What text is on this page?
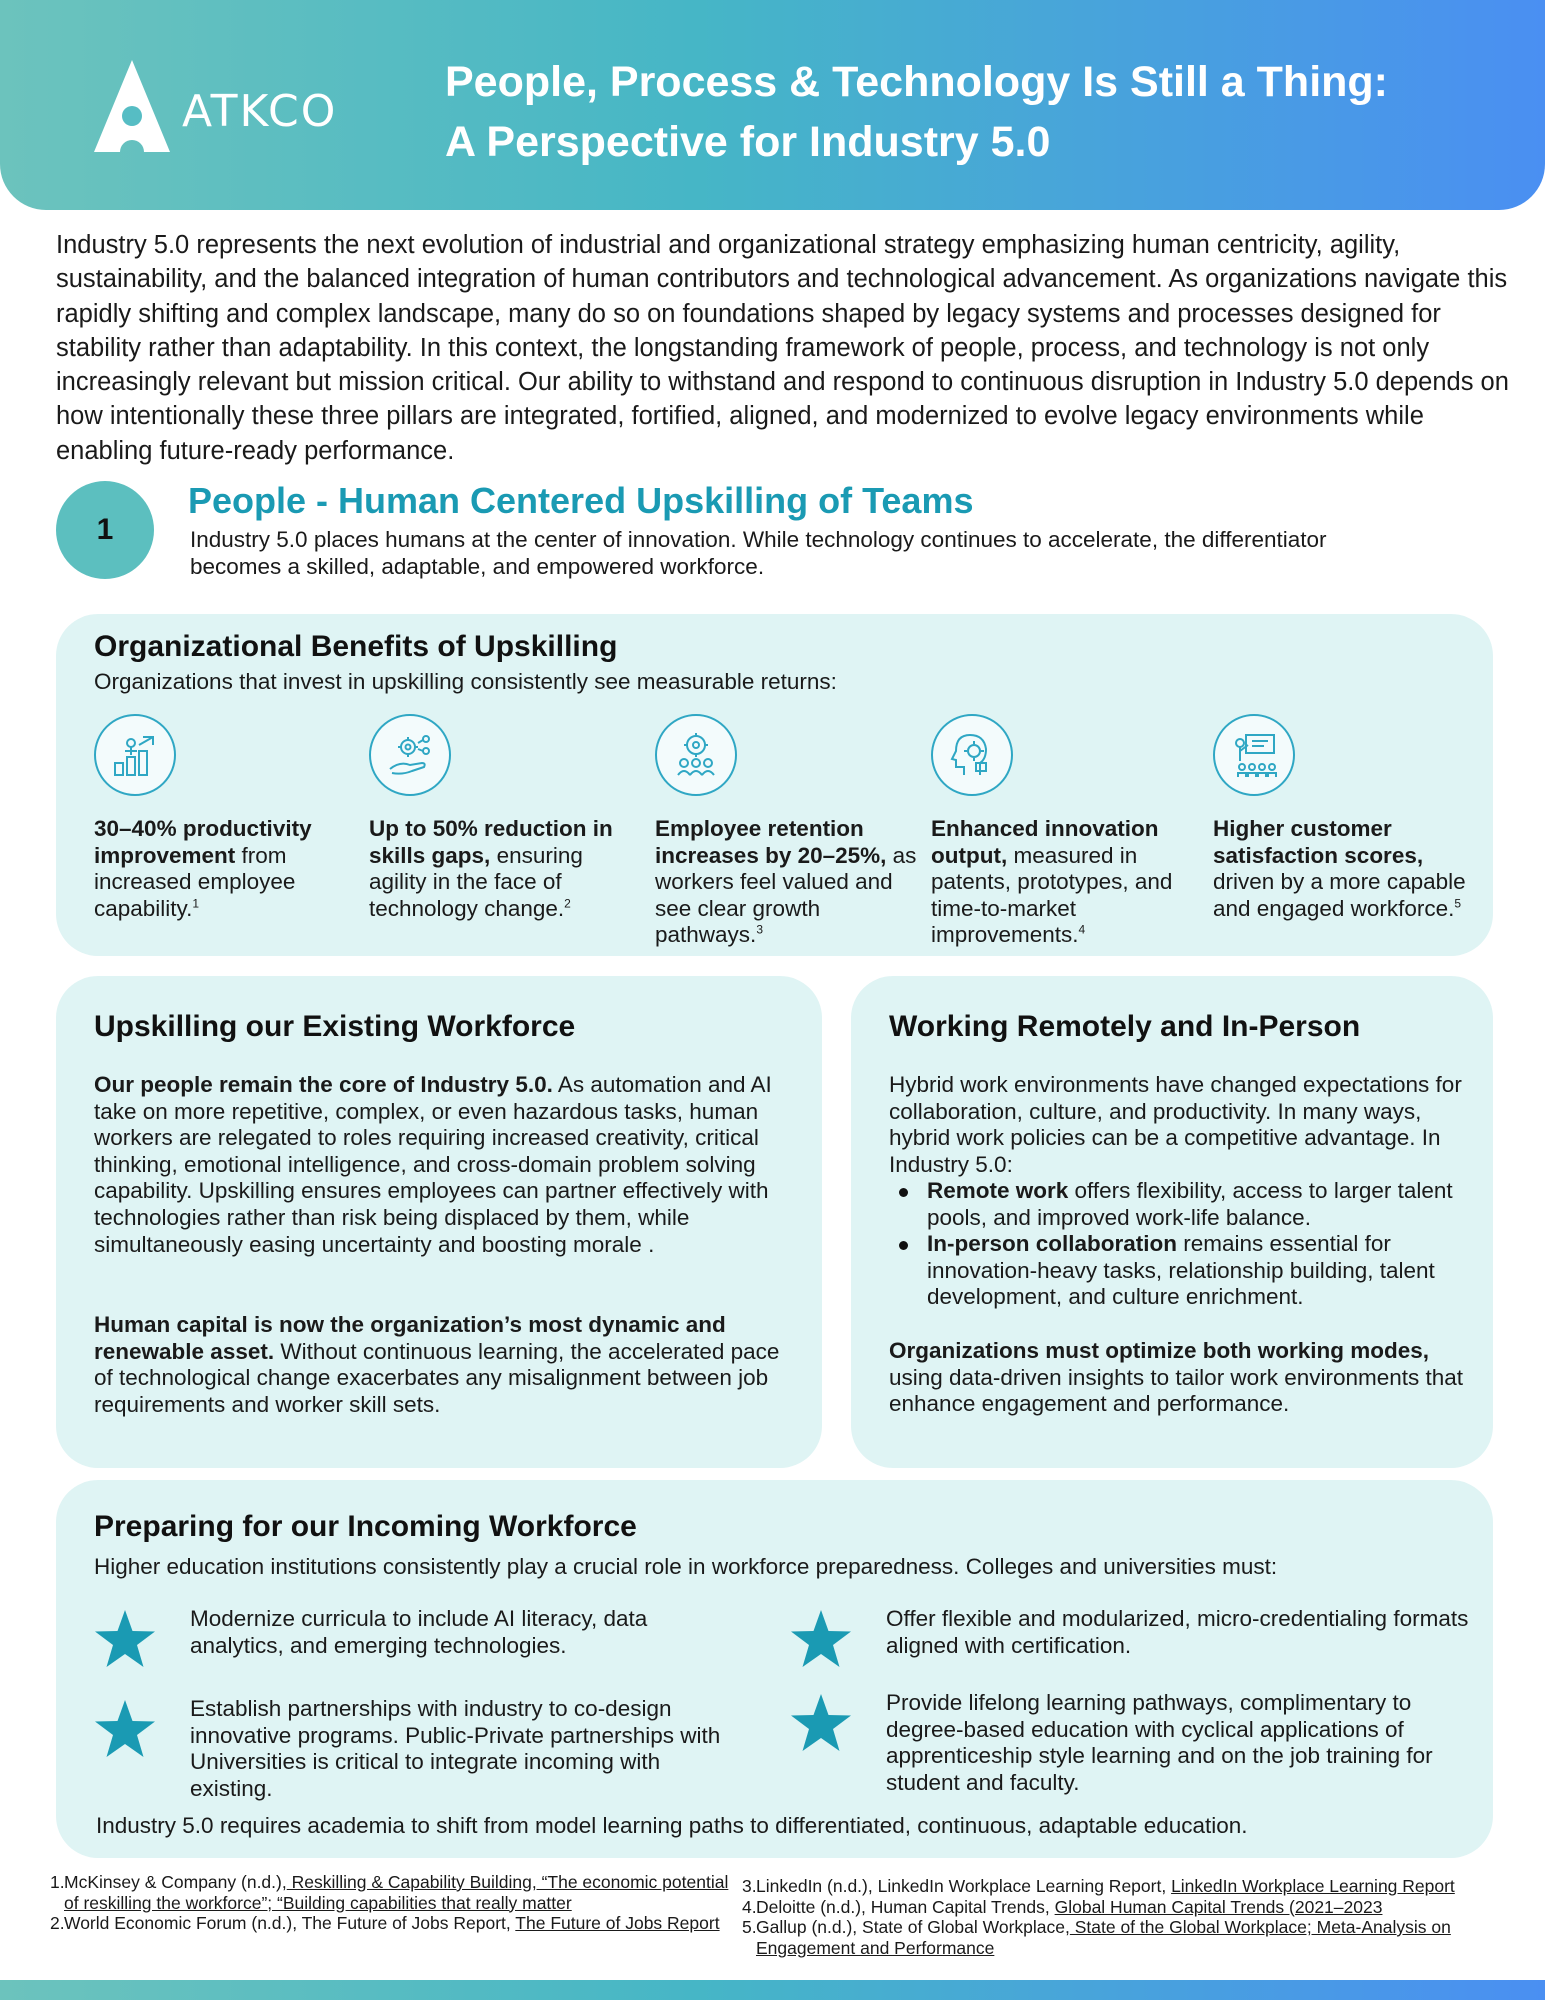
ATKCO
People, Process & Technology Is Still a Thing:
A Perspective for Industry 5.0
Industry 5.0 represents the next evolution of industrial and organizational strategy emphasizing human centricity, agility, sustainability, and the balanced integration of human contributors and technological advancement. As organizations navigate this rapidly shifting and complex landscape, many do so on foundations shaped by legacy systems and processes designed for stability rather than adaptability. In this context, the longstanding framework of people, process, and technology is not only increasingly relevant but mission critical. Our ability to withstand and respond to continuous disruption in Industry 5.0 depends on how intentionally these three pillars are integrated, fortified, aligned, and modernized to evolve legacy environments while enabling future-ready performance.
1
People - Human Centered Upskilling of Teams
Industry 5.0 places humans at the center of innovation. While technology continues to accelerate, the differentiator becomes a skilled, adaptable, and empowered workforce.
Organizational Benefits of Upskilling
Organizations that invest in upskilling consistently see measurable returns:
30–40% productivity improvement from increased employee capability.$^1$
Up to 50% reduction in skills gaps, ensuring agility in the face of technology change.$^2$
Employee retention increases by 20–25%, as workers feel valued and see clear growth pathways.$^3$
Enhanced innovation output, measured in patents, prototypes, and time-to-market improvements.$^4$
Higher customer satisfaction scores, driven by a more capable and engaged workforce.$^5$
Upskilling our Existing Workforce
Our people remain the core of Industry 5.0. As automation and AI take on more repetitive, complex, or even hazardous tasks, human workers are relegated to roles requiring increased creativity, critical thinking, emotional intelligence, and cross-domain problem solving capability. Upskilling ensures employees can partner effectively with technologies rather than risk being displaced by them, while simultaneously easing uncertainty and boosting morale .
Human capital is now the organization’s most dynamic and renewable asset. Without continuous learning, the accelerated pace of technological change exacerbates any misalignment between job requirements and worker skill sets.
Working Remotely and In-Person
Hybrid work environments have changed expectations for collaboration, culture, and productivity. In many ways, hybrid work policies can be a competitive advantage. In Industry 5.0:
Remote work offers flexibility, access to larger talent pools, and improved work-life balance.
In-person collaboration remains essential for innovation-heavy tasks, relationship building, talent development, and culture enrichment.
Organizations must optimize both working modes, using data-driven insights to tailor work environments that enhance engagement and performance.
Preparing for our Incoming Workforce
Higher education institutions consistently play a crucial role in workforce preparedness. Colleges and universities must:
Modernize curricula to include AI literacy, data analytics, and emerging technologies.
Offer flexible and modularized, micro-credentialing formats aligned with certification.
Establish partnerships with industry to co-design innovative programs. Public-Private partnerships with Universities is critical to integrate incoming with existing.
Provide lifelong learning pathways, complimentary to degree-based education with cyclical applications of apprenticeship style learning and on the job training for student and faculty.
Industry 5.0 requires academia to shift from model learning paths to differentiated, continuous, adaptable education.
1. McKinsey & Company (n.d.), Reskilling & Capability Building, “The economic potential of reskilling the workforce”; “Building capabilities that really matter
2. World Economic Forum (n.d.), The Future of Jobs Report, The Future of Jobs Report
3. LinkedIn (n.d.), LinkedIn Workplace Learning Report, LinkedIn Workplace Learning Report
4. Deloitte (n.d.), Human Capital Trends, Global Human Capital Trends (2021–2023
5. Gallup (n.d.), State of Global Workplace, State of the Global Workplace; Meta-Analysis on Engagement and Performance
